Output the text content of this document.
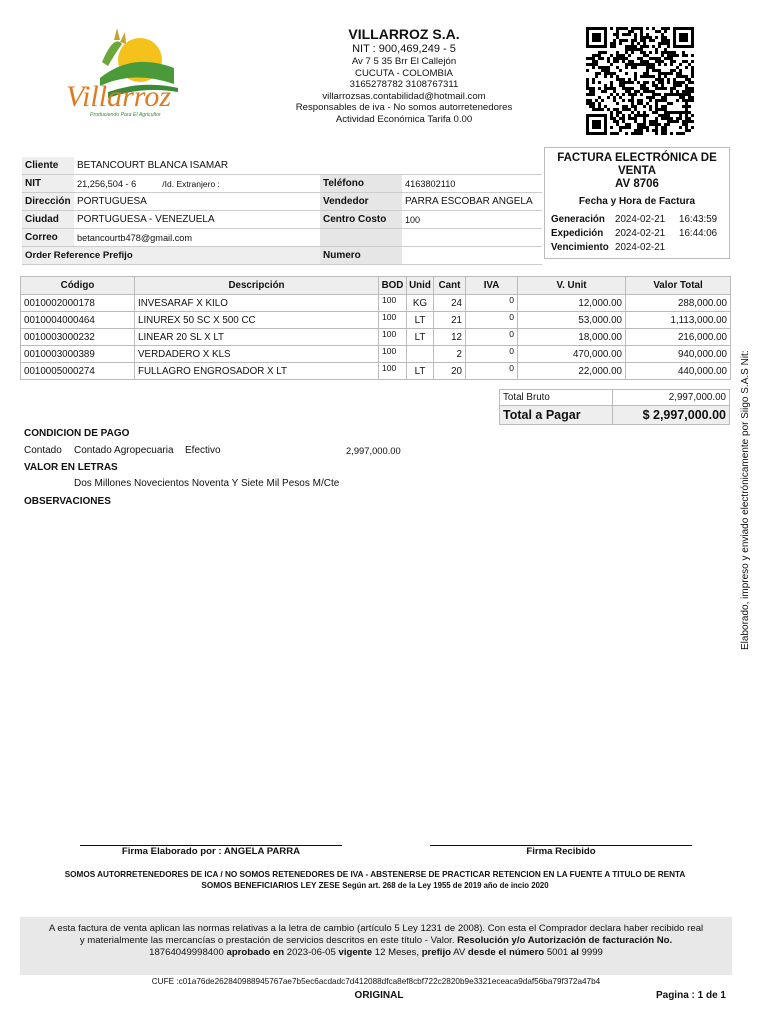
Villarroz
Produciendo Para El Agricultor
VILLARROZ S.A.
NIT : 900,469,249 - 5
Av 7 5 35 Brr El Callejón
CUCUTA - COLOMBIA
3165278782 3108767311
villarrozsas.contabilidad@hotmail.com
Responsables de iva - No somos autorretenedores
Actividad Económica Tarifa 0.00
FACTURA ELECTRÓNICA DE VENTA
AV 8706
Fecha y Hora de Factura
Generación 2024-02-21 16:43:59
Expedición 2024-02-21 16:44:06
Vencimiento 2024-02-21
Cliente	BETANCOURT BLANCA ISAMAR		
NIT	21,256,504 - 6 /Id. Extranjero :	Teléfono	4163802110
Dirección	PORTUGUESA	Vendedor	PARRA ESCOBAR ANGELA
Ciudad	PORTUGUESA - VENEZUELA	Centro Costo	100
Correo	betancourtb478@gmail.com		
Order Reference Prefijo		Numero	
Código	Descripción	BOD	Unid	Cant	IVA	V. Unit	Valor Total
0010002000178	INVESARAF X KILO	100	KG	24	0	12,000.00	288,000.00
0010004000464	LINUREX 50 SC X 500 CC	100	LT	21	0	53,000.00	1,113,000.00
0010003000232	LINEAR 20 SL X LT	100	LT	12	0	18,000.00	216,000.00
0010003000389	VERDADERO X KLS	100		2	0	470,000.00	940,000.00
0010005000274	FULLAGRO ENGROSADOR X LT	100	LT	20	0	22,000.00	440,000.00
Total Bruto	2,997,000.00
Total a Pagar	$ 2,997,000.00
CONDICION DE PAGO
Contado Contado Agropecuaria Efectivo	2,997,000.00
VALOR EN LETRAS
Dos Millones Novecientos Noventa Y Siete Mil Pesos M/Cte
OBSERVACIONES
Firma Elaborado por : ANGELA PARRA	Firma Recibido
SOMOS AUTORRETENEDORES DE ICA / NO SOMOS RETENEDORES DE IVA - ABSTENERSE DE PRACTICAR RETENCION EN LA FUENTE A TITULO DE RENTA
SOMOS BENEFICIARIOS LEY ZESE Según art. 268 de la Ley 1955 de 2019 año de incio 2020
A esta factura de venta aplican las normas relativas a la letra de cambio (artículo 5 Ley 1231 de 2008). Con esta el Comprador declara haber recibido real
y materialmente las mercancías o prestación de servicios descritos en este título - Valor. Resolución y/o Autorización de facturación No.
18764049998400 aprobado en 2023-06-05 vigente 12 Meses, prefijo AV desde el número 5001 al 9999
CUFE :c01a76de262840988945767ae7b5ec6acdadc7d412088dfca8ef8cbf722c2820b9e3321eceaca9daf56ba79f372a47b4
ORIGINAL	Pagina : 1 de 1
Elaborado, impreso y enviado electrónicamente por Siigo S.A.S Nit:
